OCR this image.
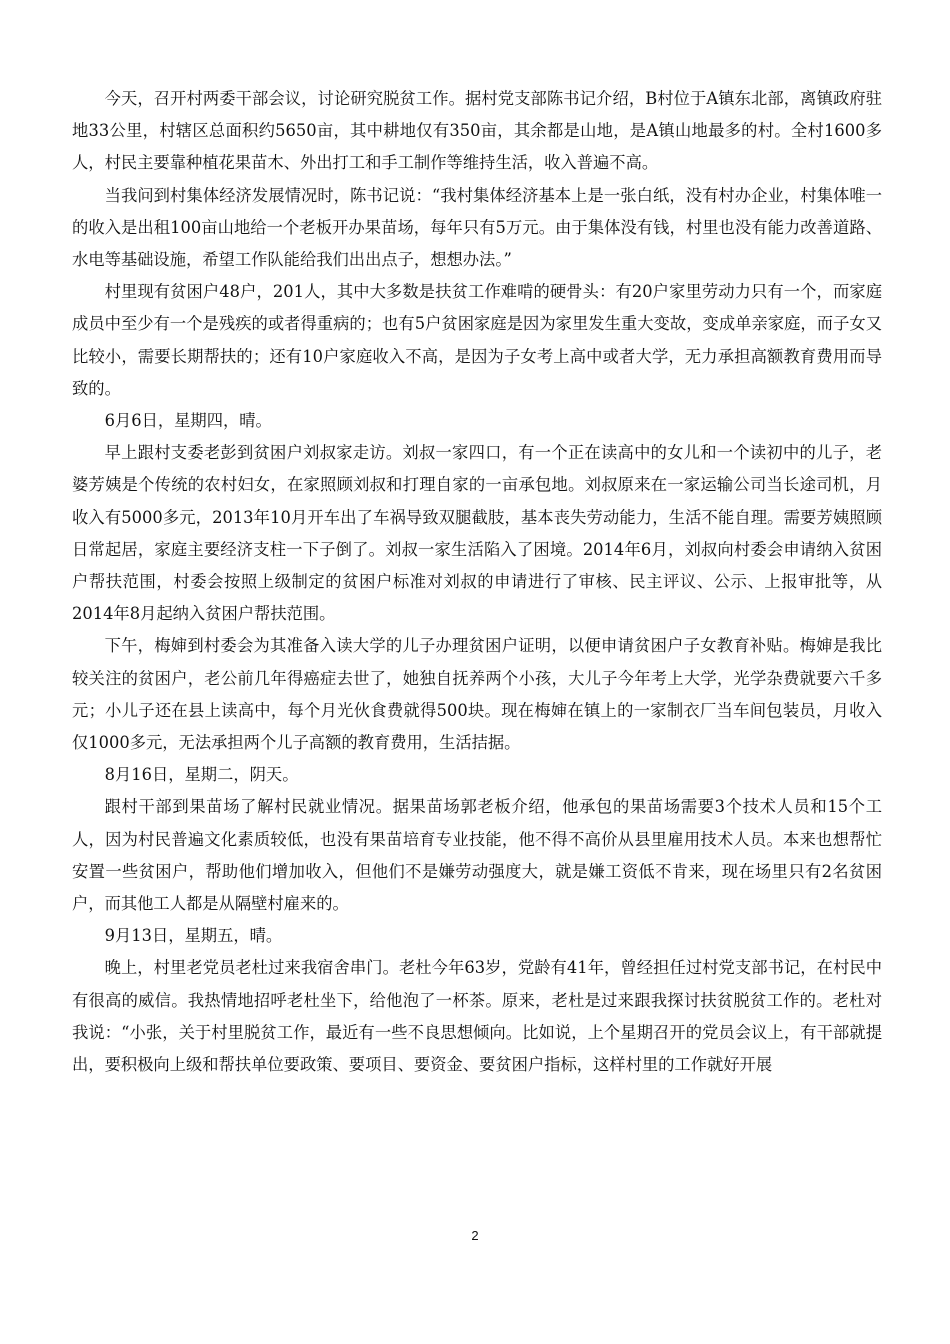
今天，召开村两委干部会议，讨论研究脱贫工作。据村党支部陈书记介绍，B村位于A镇东北部，离镇政府驻地33公里，村辖区总面积约5650亩，其中耕地仅有350亩，其余都是山地，是A镇山地最多的村。全村1600多人，村民主要靠种植花果苗木、外出打工和手工制作等维持生活，收入普遍不高。

当我问到村集体经济发展情况时，陈书记说：“我村集体经济基本上是一张白纸，没有村办企业，村集体唯一的收入是出租100亩山地给一个老板开办果苗场，每年只有5万元。由于集体没有钱，村里也没有能力改善道路、水电等基础设施，希望工作队能给我们出出点子，想想办法。”

村里现有贫困户48户，201人，其中大多数是扶贫工作难啃的硬骨头：有20户家里劳动力只有一个，而家庭成员中至少有一个是残疾的或者得重病的；也有5户贫困家庭是因为家里发生重大变故，变成单亲家庭，而子女又比较小，需要长期帮扶的；还有10户家庭收入不高，是因为子女考上高中或者大学，无力承担高额教育费用而导致的。

6月6日，星期四，晴。

早上跟村支委老彭到贫困户刘叔家走访。刘叔一家四口，有一个正在读高中的女儿和一个读初中的儿子，老婆芳姨是个传统的农村妇女，在家照顾刘叔和打理自家的一亩承包地。刘叔原来在一家运输公司当长途司机，月收入有5000多元，2013年10月开车出了车祸导致双腿截肢，基本丧失劳动能力，生活不能自理。需要芳姨照顾日常起居，家庭主要经济支柱一下子倒了。刘叔一家生活陷入了困境。2014年6月，刘叔向村委会申请纳入贫困户帮扶范围，村委会按照上级制定的贫困户标准对刘叔的申请进行了审核、民主评议、公示、上报审批等，从2014年8月起纳入贫困户帮扶范围。

下午，梅婶到村委会为其准备入读大学的儿子办理贫困户证明，以便申请贫困户子女教育补贴。梅婶是我比较关注的贫困户，老公前几年得癌症去世了，她独自抚养两个小孩，大儿子今年考上大学，光学杂费就要六千多元；小儿子还在县上读高中，每个月光伙食费就得500块。现在梅婶在镇上的一家制衣厂当车间包装员，月收入仅1000多元，无法承担两个儿子高额的教育费用，生活拮据。

8月16日，星期二，阴天。

跟村干部到果苗场了解村民就业情况。据果苗场郭老板介绍，他承包的果苗场需要3个技术人员和15个工人，因为村民普遍文化素质较低，也没有果苗培育专业技能，他不得不高价从县里雇用技术人员。本来也想帮忙安置一些贫困户，帮助他们增加收入，但他们不是嫌劳动强度大，就是嫌工资低不肯来，现在场里只有2名贫困户，而其他工人都是从隔壁村雇来的。

9月13日，星期五，晴。

晚上，村里老党员老杜过来我宿舍串门。老杜今年63岁，党龄有41年，曾经担任过村党支部书记，在村民中有很高的威信。我热情地招呼老杜坐下，给他泡了一杯茶。原来，老杜是过来跟我探讨扶贫脱贫工作的。老杜对我说：“小张，关于村里脱贫工作，最近有一些不良思想倾向。比如说，上个星期召开的党员会议上，有干部就提出，要积极向上级和帮扶单位要政策、要项目、要资金、要贫困户指标，这样村里的工作就好开展

2
